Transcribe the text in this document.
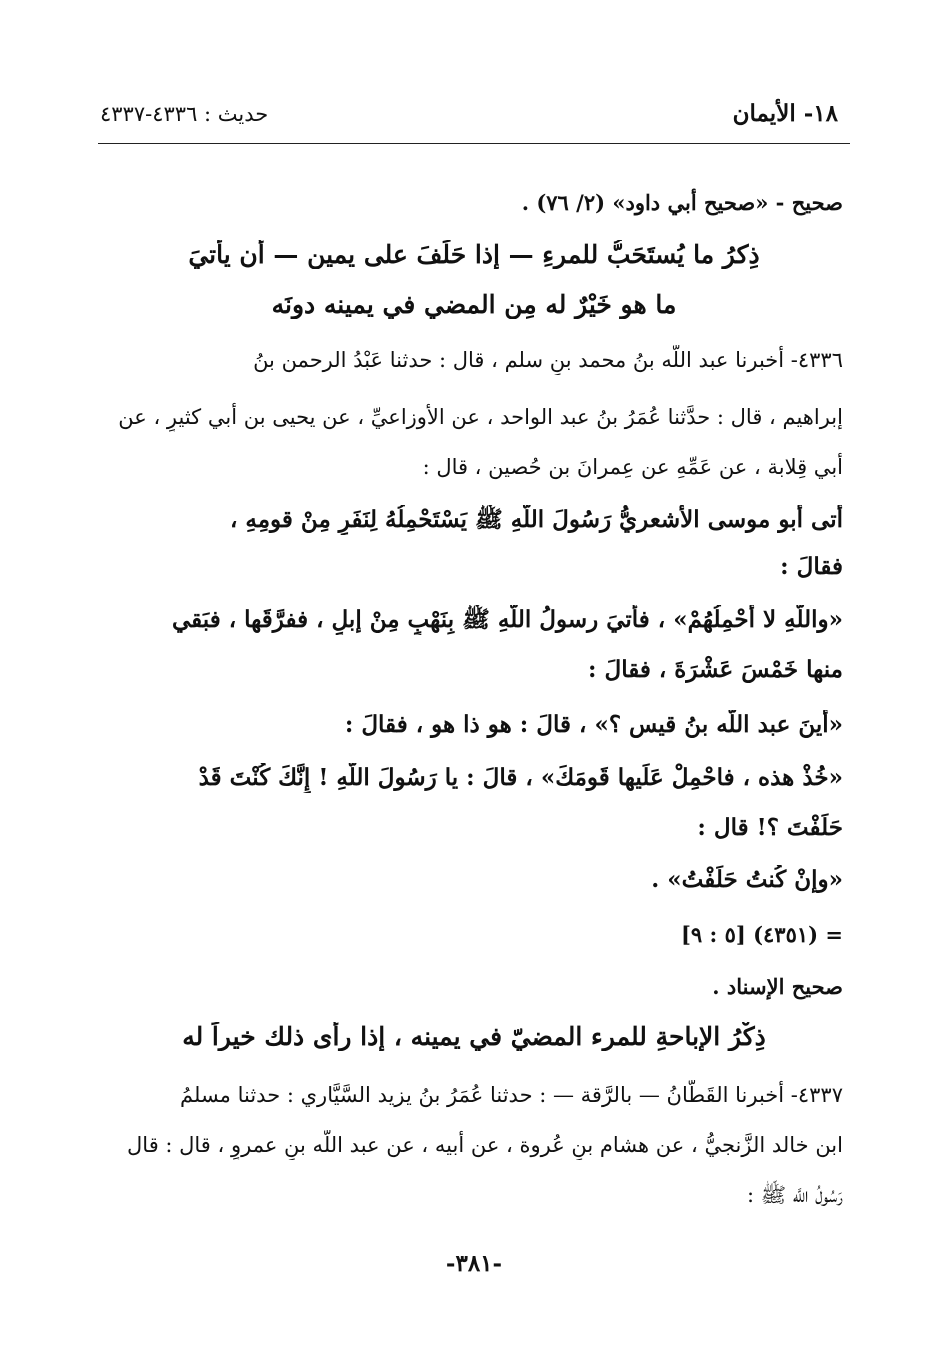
١٨- الأيمان
حديث : ٤٣٣٦-٤٣٣٧
صحيح - «صحيح أبي داود» (٢/ ٧٦) .
ذِكرُ ما يُستَحَبُّ للمرءِ — إذا حَلَفَ على يمينٍ — أن يأتيَ
ما هو خَيْرٌ له مِن المضي في يمينه دونَه
٤٣٣٦- أخبرنا عبد اللَّه بنُ محمد بنِ سلم ، قال : حدثنا عَبْدُ الرحمن بنُ
إبراهيم ، قال : حدَّثنا عُمَرُ بنُ عبد الواحد ، عن الأوزاعيِّ ، عن يحيى بن أبي كثيرٍ ، عن
أبي قِلابة ، عن عَمِّهِ عن عِمرانَ بن حُصين ، قال :
أتى أبو موسى الأشعريُّ رَسُولَ اللَّهِ ﷺ يَسْتَحْمِلُهُ لِنَفَرٍ مِنْ قومِهِ ،
فقالَ :
«واللَّهِ لا أَحْمِلُهُمْ» ، فأُتيَ رسولُ اللَّهِ ﷺ بِنَهْبٍ مِنْ إبلٍ ، ففرَّقَها ، فبَقي
منها خَمْسَ عَشْرَةَ ، فقالَ :
«أينَ عبد اللَّه بنُ قيس ؟» ، قالَ : هو ذا هو ، فقالَ :
«خُذْ هذه ، فاحْمِلْ عَلَيها قَومَكَ» ، قالَ : يا رَسُولَ اللَّهِ ! إِنَّكَ كُنْتَ قَدْ
حَلَفْتَ ؟! قال :
«وإنْ كُنتُ حَلَفْتُ» .
= (٤٣٥١) [٥ : ٩]
صحيح الإسناد .
ذِكْرُ الإباحةِ للمرء المضيّ في يمينه ، إذا رأى ذلك خيراً له
٤٣٣٧- أخبرنا القَطَّانُ — بالرَّقة — : حدثنا عُمَرُ بنُ يزيد السَّيَّاري : حدثنا مسلمُ
ابن خالد الزَّنجيُّ ، عن هشام بنِ عُروة ، عن أبيه ، عن عبد اللَّه بنِ عمروٍ ، قال : قال
رَسُولُ اللَّه ﷺ :
-٣٨١-
